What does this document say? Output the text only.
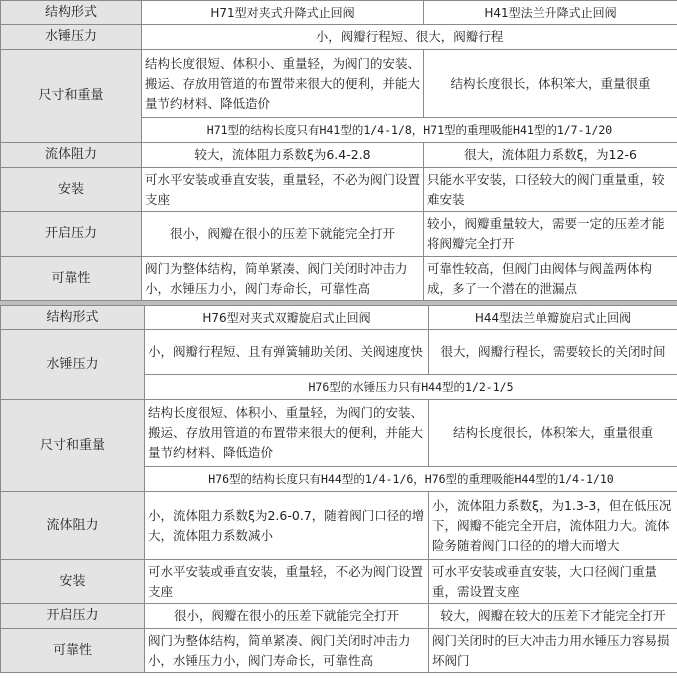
结构形式	H71型对夹式升降式止回阀	H41型法兰升降式止回阀
水锤压力	小，阀瓣行程短、很大，阀瓣行程	
尺寸和重量	结构长度很短、体积小、重量轻，为阀门的安装、搬运、存放用管道的布置带来很大的便利，并能大量节约材料、降低造价	结构长度很长，体积笨大，重量很重
	H71型的结构长度只有H41型的1/4-1/8，H71型的重理吸能H41型的1/7-1/20	
流体阻力	较大，流体阻力系数ξ为6.4-2.8	很大，流体阻力系数ξ，为12-6
安装	可水平安装或垂直安装，重量轻，不必为阀门设置支座	只能水平安装，口径较大的阀门重量重，较难安装
开启压力	很小，阀瓣在很小的压差下就能完全打开	较小，阀瓣重量较大，需要一定的压差才能将阀瓣完全打开
可靠性	阀门为整体结构，简单紧凑、阀门关闭时冲击力小，水锤压力小，阀门寿命长，可靠性高	可靠性较高，但阀门由阀体与阀盖两体构成，多了一个潜在的泄漏点
结构形式	H76型对夹式双瓣旋启式止回阀	H44型法兰单瓣旋启式止回阀
水锤压力	小，阀瓣行程短、且有弹簧辅助关闭、关阀速度快	很大，阀瓣行程长，需要较长的关闭时间
	H76型的水锤压力只有H44型的1/2-1/5	
尺寸和重量	结构长度很短、体积小、重量轻，为阀门的安装、搬运、存放用管道的布置带来很大的便利，并能大量节约材料、降低造价	结构长度很长，体积笨大，重量很重
	H76型的结构长度只有H44型的1/4-1/6，H76型的重理吸能H44型的1/4-1/10	
流体阻力	小，流体阻力系数ξ为2.6-0.7，随着阀门口径的增大，流体阻力系数减小	小，流体阻力系数ξ，为1.3-3，但在低压况下，阀瓣不能完全开启，流体阻力大。流体险务随着阀门口径的的增大而增大
安装	可水平安装或垂直安装，重量轻，不必为阀门设置支座	可水平安装或垂直安装，大口径阀门重量重，需设置支座
开启压力	很小，阀瓣在很小的压差下就能完全打开	较大，阀瓣在较大的压差下才能完全打开
可靠性	阀门为整体结构，简单紧凑、阀门关闭时冲击力小，水锤压力小，阀门寿命长，可靠性高	阀门关闭时的巨大冲击力用水锤压力容易损坏阀门
